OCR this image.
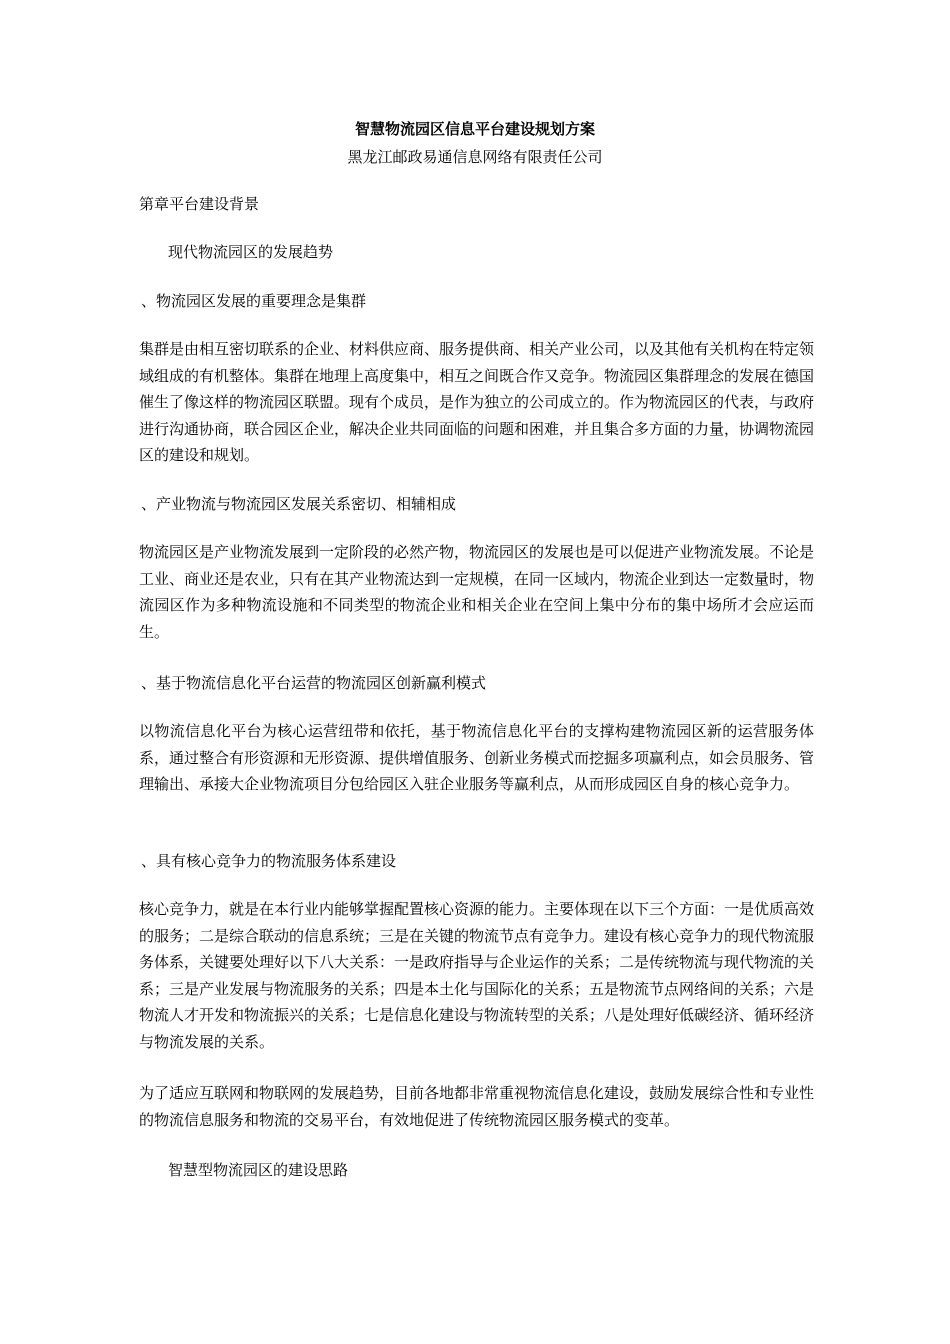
智慧物流园区信息平台建设规划方案
黑龙江邮政易通信息网络有限责任公司
第章平台建设背景
现代物流园区的发展趋势
、物流园区发展的重要理念是集群

集群是由相互密切联系的企业、材料供应商、服务提供商、相关产业公司，以及其他有关机构在特定领域组成的有机整体。集群在地理上高度集中，相互之间既合作又竞争。物流园区集群理念的发展在德国催生了像这样的物流园区联盟。现有个成员，是作为独立的公司成立的。作为物流园区的代表，与政府进行沟通协商，联合园区企业，解决企业共同面临的问题和困难，并且集合多方面的力量，协调物流园区的建设和规划。

、产业物流与物流园区发展关系密切、相辅相成

物流园区是产业物流发展到一定阶段的必然产物，物流园区的发展也是可以促进产业物流发展。不论是工业、商业还是农业，只有在其产业物流达到一定规模，在同一区域内，物流企业到达一定数量时，物流园区作为多种物流设施和不同类型的物流企业和相关企业在空间上集中分布的集中场所才会应运而生。

、基于物流信息化平台运营的物流园区创新赢利模式

以物流信息化平台为核心运营纽带和依托，基于物流信息化平台的支撑构建物流园区新的运营服务体系，通过整合有形资源和无形资源、提供增值服务、创新业务模式而挖掘多项赢利点，如会员服务、管理输出、承接大企业物流项目分包给园区入驻企业服务等赢利点，从而形成园区自身的核心竞争力。

、具有核心竞争力的物流服务体系建设

核心竞争力，就是在本行业内能够掌握配置核心资源的能力。主要体现在以下三个方面：一是优质高效的服务；二是综合联动的信息系统；三是在关键的物流节点有竞争力。建设有核心竞争力的现代物流服务体系，关键要处理好以下八大关系：一是政府指导与企业运作的关系；二是传统物流与现代物流的关系；三是产业发展与物流服务的关系；四是本土化与国际化的关系；五是物流节点网络间的关系；六是物流人才开发和物流振兴的关系；七是信息化建设与物流转型的关系；八是处理好低碳经济、循环经济与物流发展的关系。

为了适应互联网和物联网的发展趋势，目前各地都非常重视物流信息化建设，鼓励发展综合性和专业性的物流信息服务和物流的交易平台，有效地促进了传统物流园区服务模式的变革。

智慧型物流园区的建设思路
